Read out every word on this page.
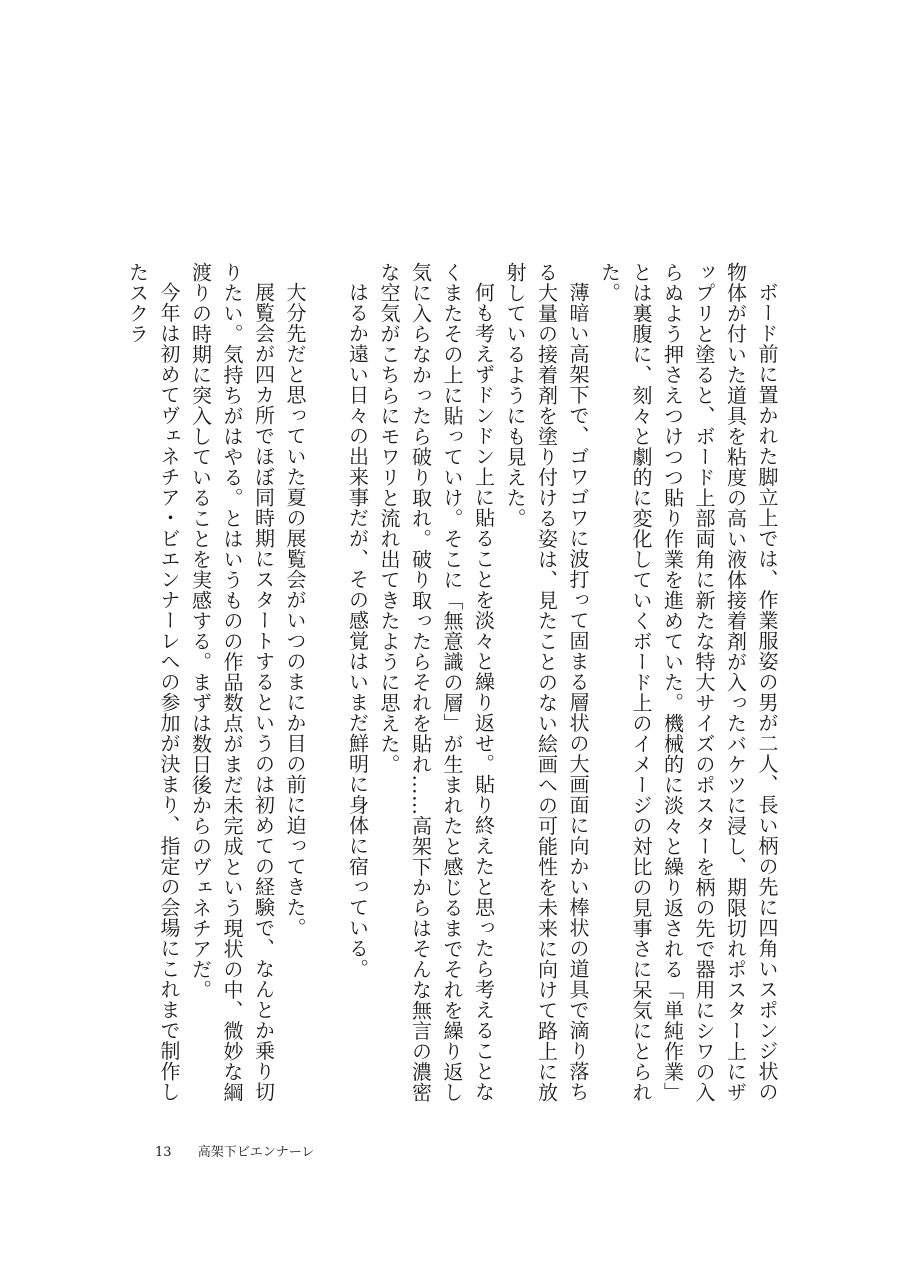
ボード前に置かれた脚立上では、作業服姿の男が二人、長い柄の先に四角いスポンジ状の物体が付いた道具を粘度の高い液体接着剤が入ったバケツに浸し、期限切れポスター上にザップリと塗ると、ボード上部両角に新たな特大サイズのポスターを柄の先で器用にシワの入らぬよう押さえつけつつ貼り作業を進めていた。機械的に淡々と繰り返される「単純作業」とは裏腹に、刻々と劇的に変化していくボード上のイメージの対比の見事さに呆気にとられた。

薄暗い高架下で、ゴワゴワに波打って固まる層状の大画面に向かい棒状の道具で滴り落ちる大量の接着剤を塗り付ける姿は、見たことのない絵画への可能性を未来に向けて路上に放射しているようにも見えた。

何も考えずドンドン上に貼ることを淡々と繰り返せ。貼り終えたと思ったら考えることなくまたその上に貼っていけ。そこに「無意識の層」が生まれたと感じるまでそれを繰り返し気に入らなかったら破り取れ。破り取ったらそれを貼れ……高架下からはそんな無言の濃密な空気がこちらにモワリと流れ出てきたように思えた。

はるか遠い日々の出来事だが、その感覚はいまだ鮮明に身体に宿っている。

大分先だと思っていた夏の展覧会がいつのまにか目の前に迫ってきた。

展覧会が四カ所でほぼ同時期にスタートするというのは初めての経験で、なんとか乗り切りたい。気持ちがはやる。とはいうものの作品数点がまだ未完成という現状の中、微妙な綱渡りの時期に突入していることを実感する。まずは数日後からのヴェネチアだ。

今年は初めてヴェネチア・ビエンナーレへの参加が決まり、指定の会場にこれまで制作したスクラ

13 高架下ビエンナーレ
